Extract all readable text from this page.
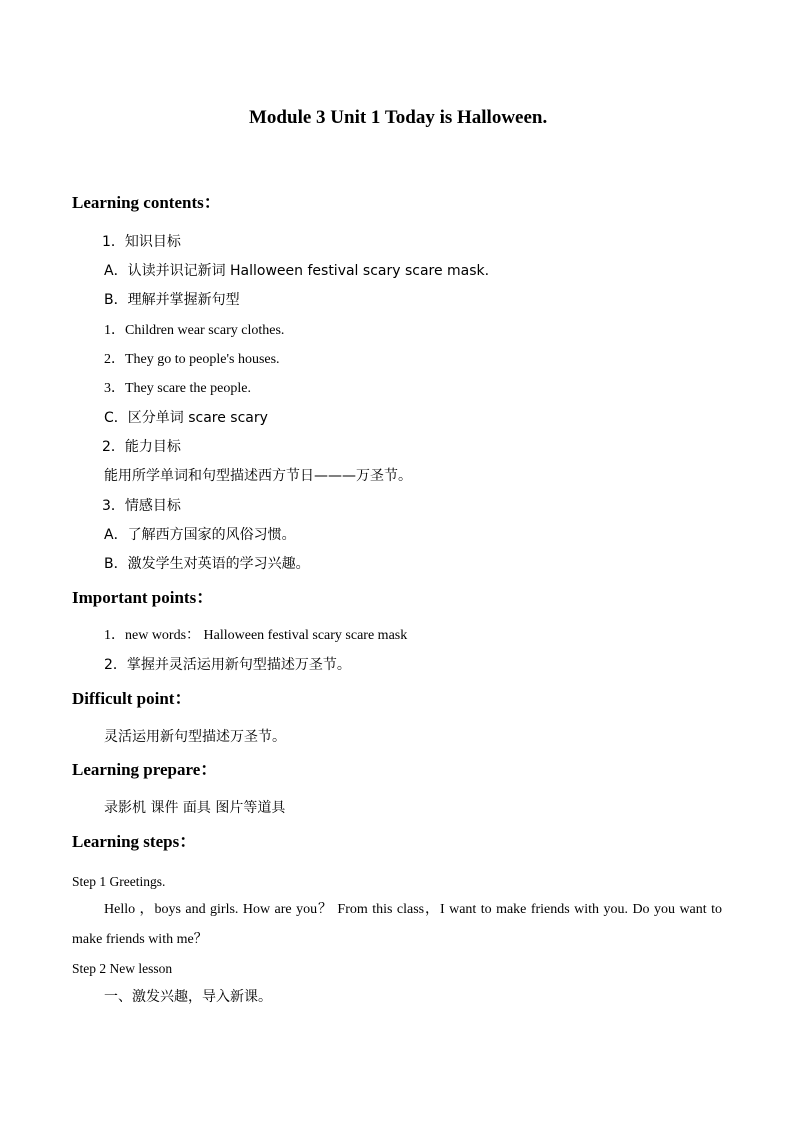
Module 3 Unit 1 Today is Halloween.
Learning contents：
1．知识目标
A．认读并识记新词 Halloween festival scary scare mask.
B．理解并掌握新句型
1．Children wear scary clothes.
2．They go to people's houses.
3．They scare the people.
C．区分单词 scare scary
2．能力目标
能用所学单词和句型描述西方节日———万圣节。
3．情感目标
A．了解西方国家的风俗习惯。
B．激发学生对英语的学习兴趣。
Important points：
1．new words： Halloween festival scary scare mask
2．掌握并灵活运用新句型描述万圣节。
Difficult point：
灵活运用新句型描述万圣节。
Learning prepare：
录影机 课件 面具 图片等道具
Learning steps：
Step 1 Greetings.
Hello ，boys and girls. How are you？ From this class，I want to make friends with you. Do you want to make friends with me？
Step 2 New lesson
一、激发兴趣，导入新课。
